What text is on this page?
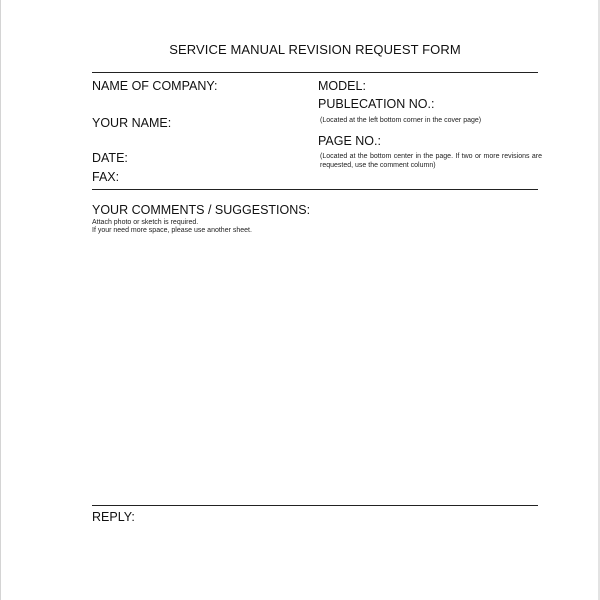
SERVICE MANUAL REVISION REQUEST FORM
NAME OF COMPANY:
YOUR NAME:
DATE:
FAX:
MODEL:
PUBLECATION NO.:
(Located at the left bottom corner in the cover page)
PAGE NO.:
(Located at the bottom center in the page. If two or more revisions are requested, use the comment column)
YOUR COMMENTS / SUGGESTIONS:
Attach photo or sketch is required.
If your need more space, please use another sheet.
REPLY:
